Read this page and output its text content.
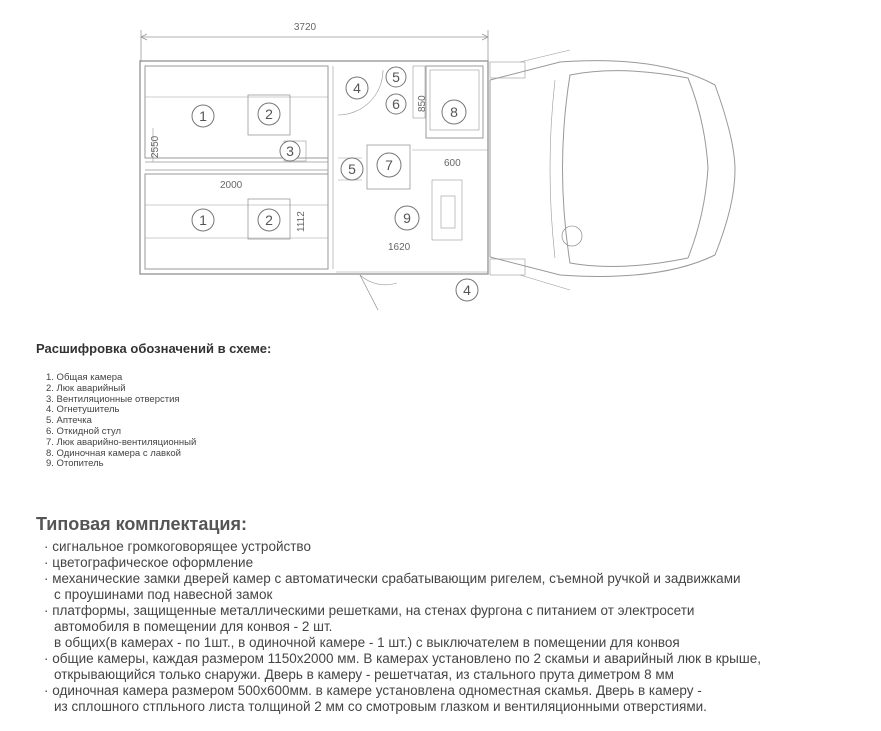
3720
2550
2000
1112
850
600
1620
1	2
3
4
5
6	8
5 7
1	2	9
4
Расшифровка обозначений в схеме:
1. Общая камера
2. Люк аварийный
3. Вентиляционные отверстия
4. Огнетушитель
5. Аптечка
6. Откидной стул
7. Люк аварийно-вентиляционный
8. Одиночная камера с лавкой
9. Отопитель
Типовая комплектация:
· сигнальное громкоговорящее устройство
· цветографическое оформление
· механические замки дверей камер с автоматически срабатывающим ригелем, съемной ручкой и задвижками
с проушинами под навесной замок
· платформы, защищенные металлическими решетками, на стенах фургона с питанием от электросети
автомобиля в помещении для конвоя - 2 шт.
в общих(в камерах - по 1шт., в одиночной камере - 1 шт.) с выключателем в помещении для конвоя
· общие камеры, каждая размером 1150х2000 мм. В камерах установлено по 2 скамьи и аварийный люк в крыше,
открывающийся только снаружи. Дверь в камеру - решетчатая, из стального прута диметром 8 мм
· одиночная камера размером 500х600мм. в камере установлена одноместная скамья. Дверь в камеру -
из сплошного стпльного листа толщиной 2 мм со смотровым глазком и вентиляционными отверстиями.
